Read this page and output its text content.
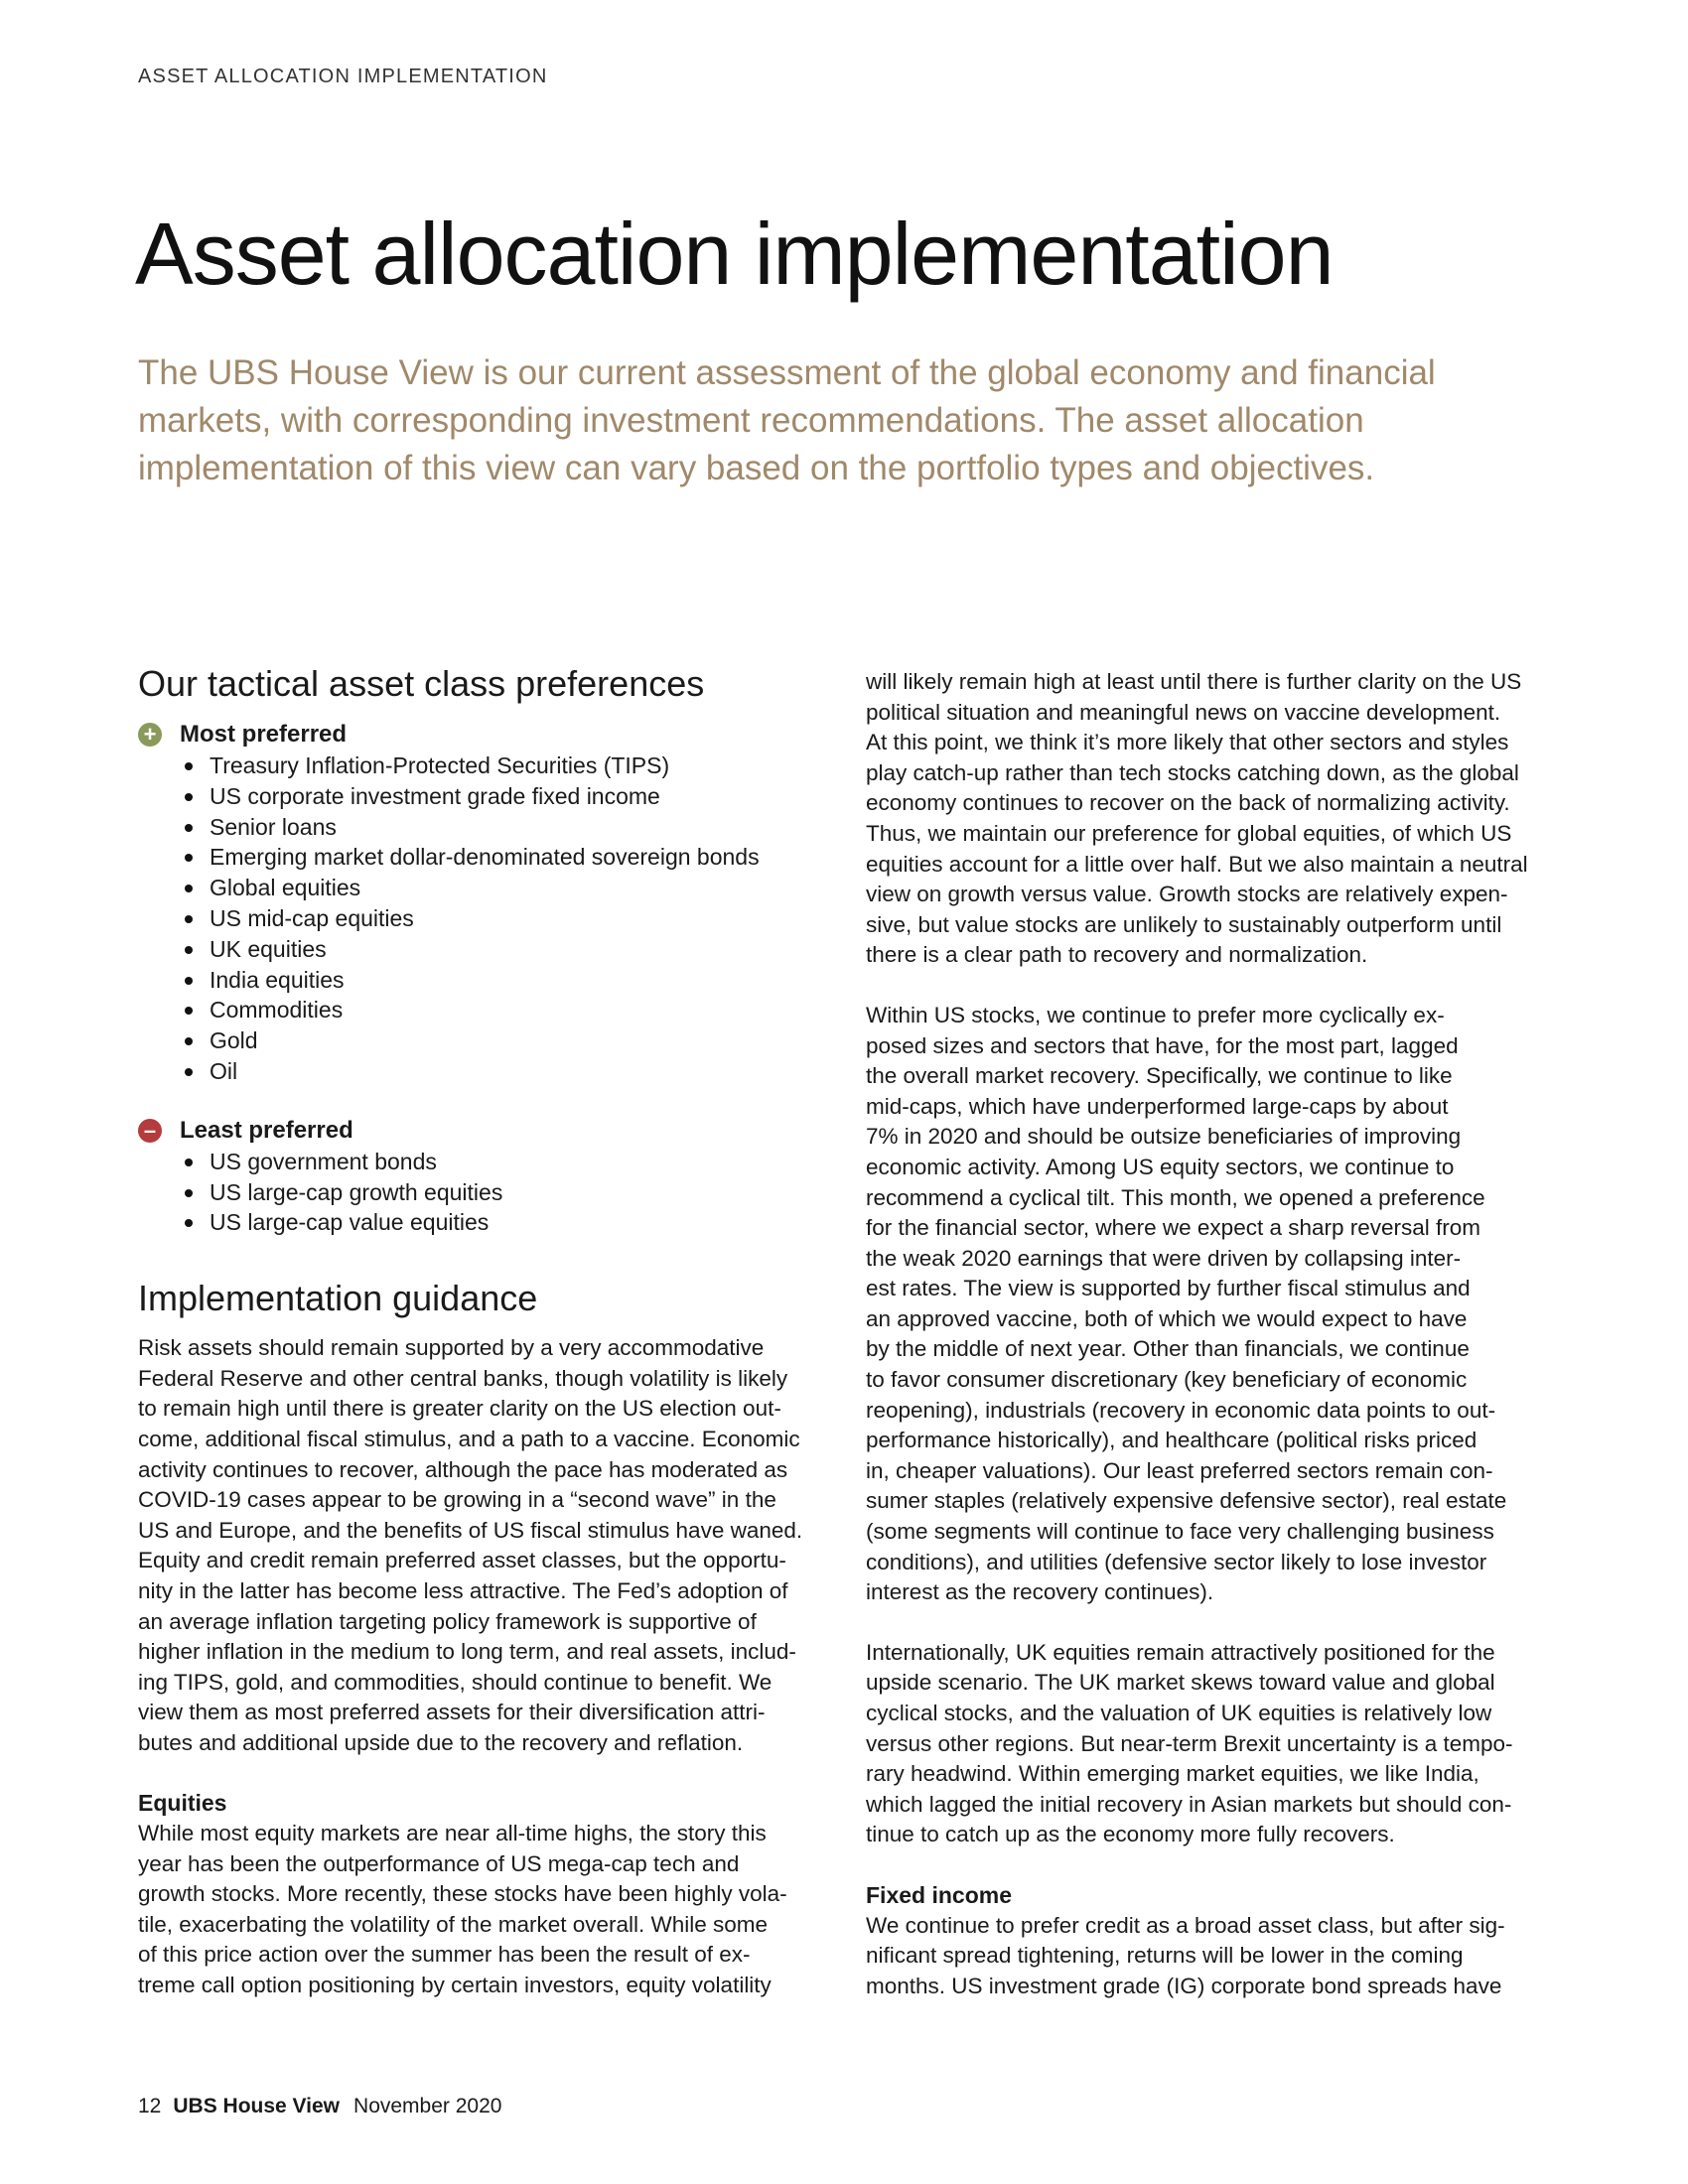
ASSET ALLOCATION IMPLEMENTATION
Asset allocation implementation

The UBS House View is our current assessment of the global economy and financial
markets, with corresponding investment recommendations. The asset allocation
implementation of this view can vary based on the portfolio types and objectives.

Our tactical asset class preferences
+ Most preferred
Treasury Inflation-Protected Securities (TIPS)
US corporate investment grade fixed income
Senior loans
Emerging market dollar-denominated sovereign bonds
Global equities
US mid-cap equities
UK equities
India equities
Commodities
Gold
Oil
– Least preferred
US government bonds
US large-cap growth equities
US large-cap value equities
Implementation guidance

Risk assets should remain supported by a very accommodative
Federal Reserve and other central banks, though volatility is likely
to remain high until there is greater clarity on the US election out-
come, additional fiscal stimulus, and a path to a vaccine. Economic
activity continues to recover, although the pace has moderated as
COVID-19 cases appear to be growing in a “second wave” in the
US and Europe, and the benefits of US fiscal stimulus have waned.
Equity and credit remain preferred asset classes, but the opportu-
nity in the latter has become less attractive. The Fed’s adoption of
an average inflation targeting policy framework is supportive of
higher inflation in the medium to long term, and real assets, includ-
ing TIPS, gold, and commodities, should continue to benefit. We
view them as most preferred assets for their diversification attri-
butes and additional upside due to the recovery and reflation.

Equities

While most equity markets are near all-time highs, the story this
year has been the outperformance of US mega-cap tech and
growth stocks. More recently, these stocks have been highly vola-
tile, exacerbating the volatility of the market overall. While some
of this price action over the summer has been the result of ex-
treme call option positioning by certain investors, equity volatility

will likely remain high at least until there is further clarity on the US
political situation and meaningful news on vaccine development.
At this point, we think it’s more likely that other sectors and styles
play catch-up rather than tech stocks catching down, as the global
economy continues to recover on the back of normalizing activity.
Thus, we maintain our preference for global equities, of which US
equities account for a little over half. But we also maintain a neutral
view on growth versus value. Growth stocks are relatively expen-
sive, but value stocks are unlikely to sustainably outperform until
there is a clear path to recovery and normalization.

Within US stocks, we continue to prefer more cyclically ex-
posed sizes and sectors that have, for the most part, lagged
the overall market recovery. Specifically, we continue to like
mid-caps, which have underperformed large-caps by about
7% in 2020 and should be outsize beneficiaries of improving
economic activity. Among US equity sectors, we continue to
recommend a cyclical tilt. This month, we opened a preference
for the financial sector, where we expect a sharp reversal from
the weak 2020 earnings that were driven by collapsing inter-
est rates. The view is supported by further fiscal stimulus and
an approved vaccine, both of which we would expect to have
by the middle of next year. Other than financials, we continue
to favor consumer discretionary (key beneficiary of economic
reopening), industrials (recovery in economic data points to out-
performance historically), and healthcare (political risks priced
in, cheaper valuations). Our least preferred sectors remain con-
sumer staples (relatively expensive defensive sector), real estate
(some segments will continue to face very challenging business
conditions), and utilities (defensive sector likely to lose investor
interest as the recovery continues).

Internationally, UK equities remain attractively positioned for the
upside scenario. The UK market skews toward value and global
cyclical stocks, and the valuation of UK equities is relatively low
versus other regions. But near-term Brexit uncertainty is a tempo-
rary headwind. Within emerging market equities, we like India,
which lagged the initial recovery in Asian markets but should con-
tinue to catch up as the economy more fully recovers.

Fixed income

We continue to prefer credit as a broad asset class, but after sig-
nificant spread tightening, returns will be lower in the coming
months. US investment grade (IG) corporate bond spreads have

12 UBS House View November 2020
